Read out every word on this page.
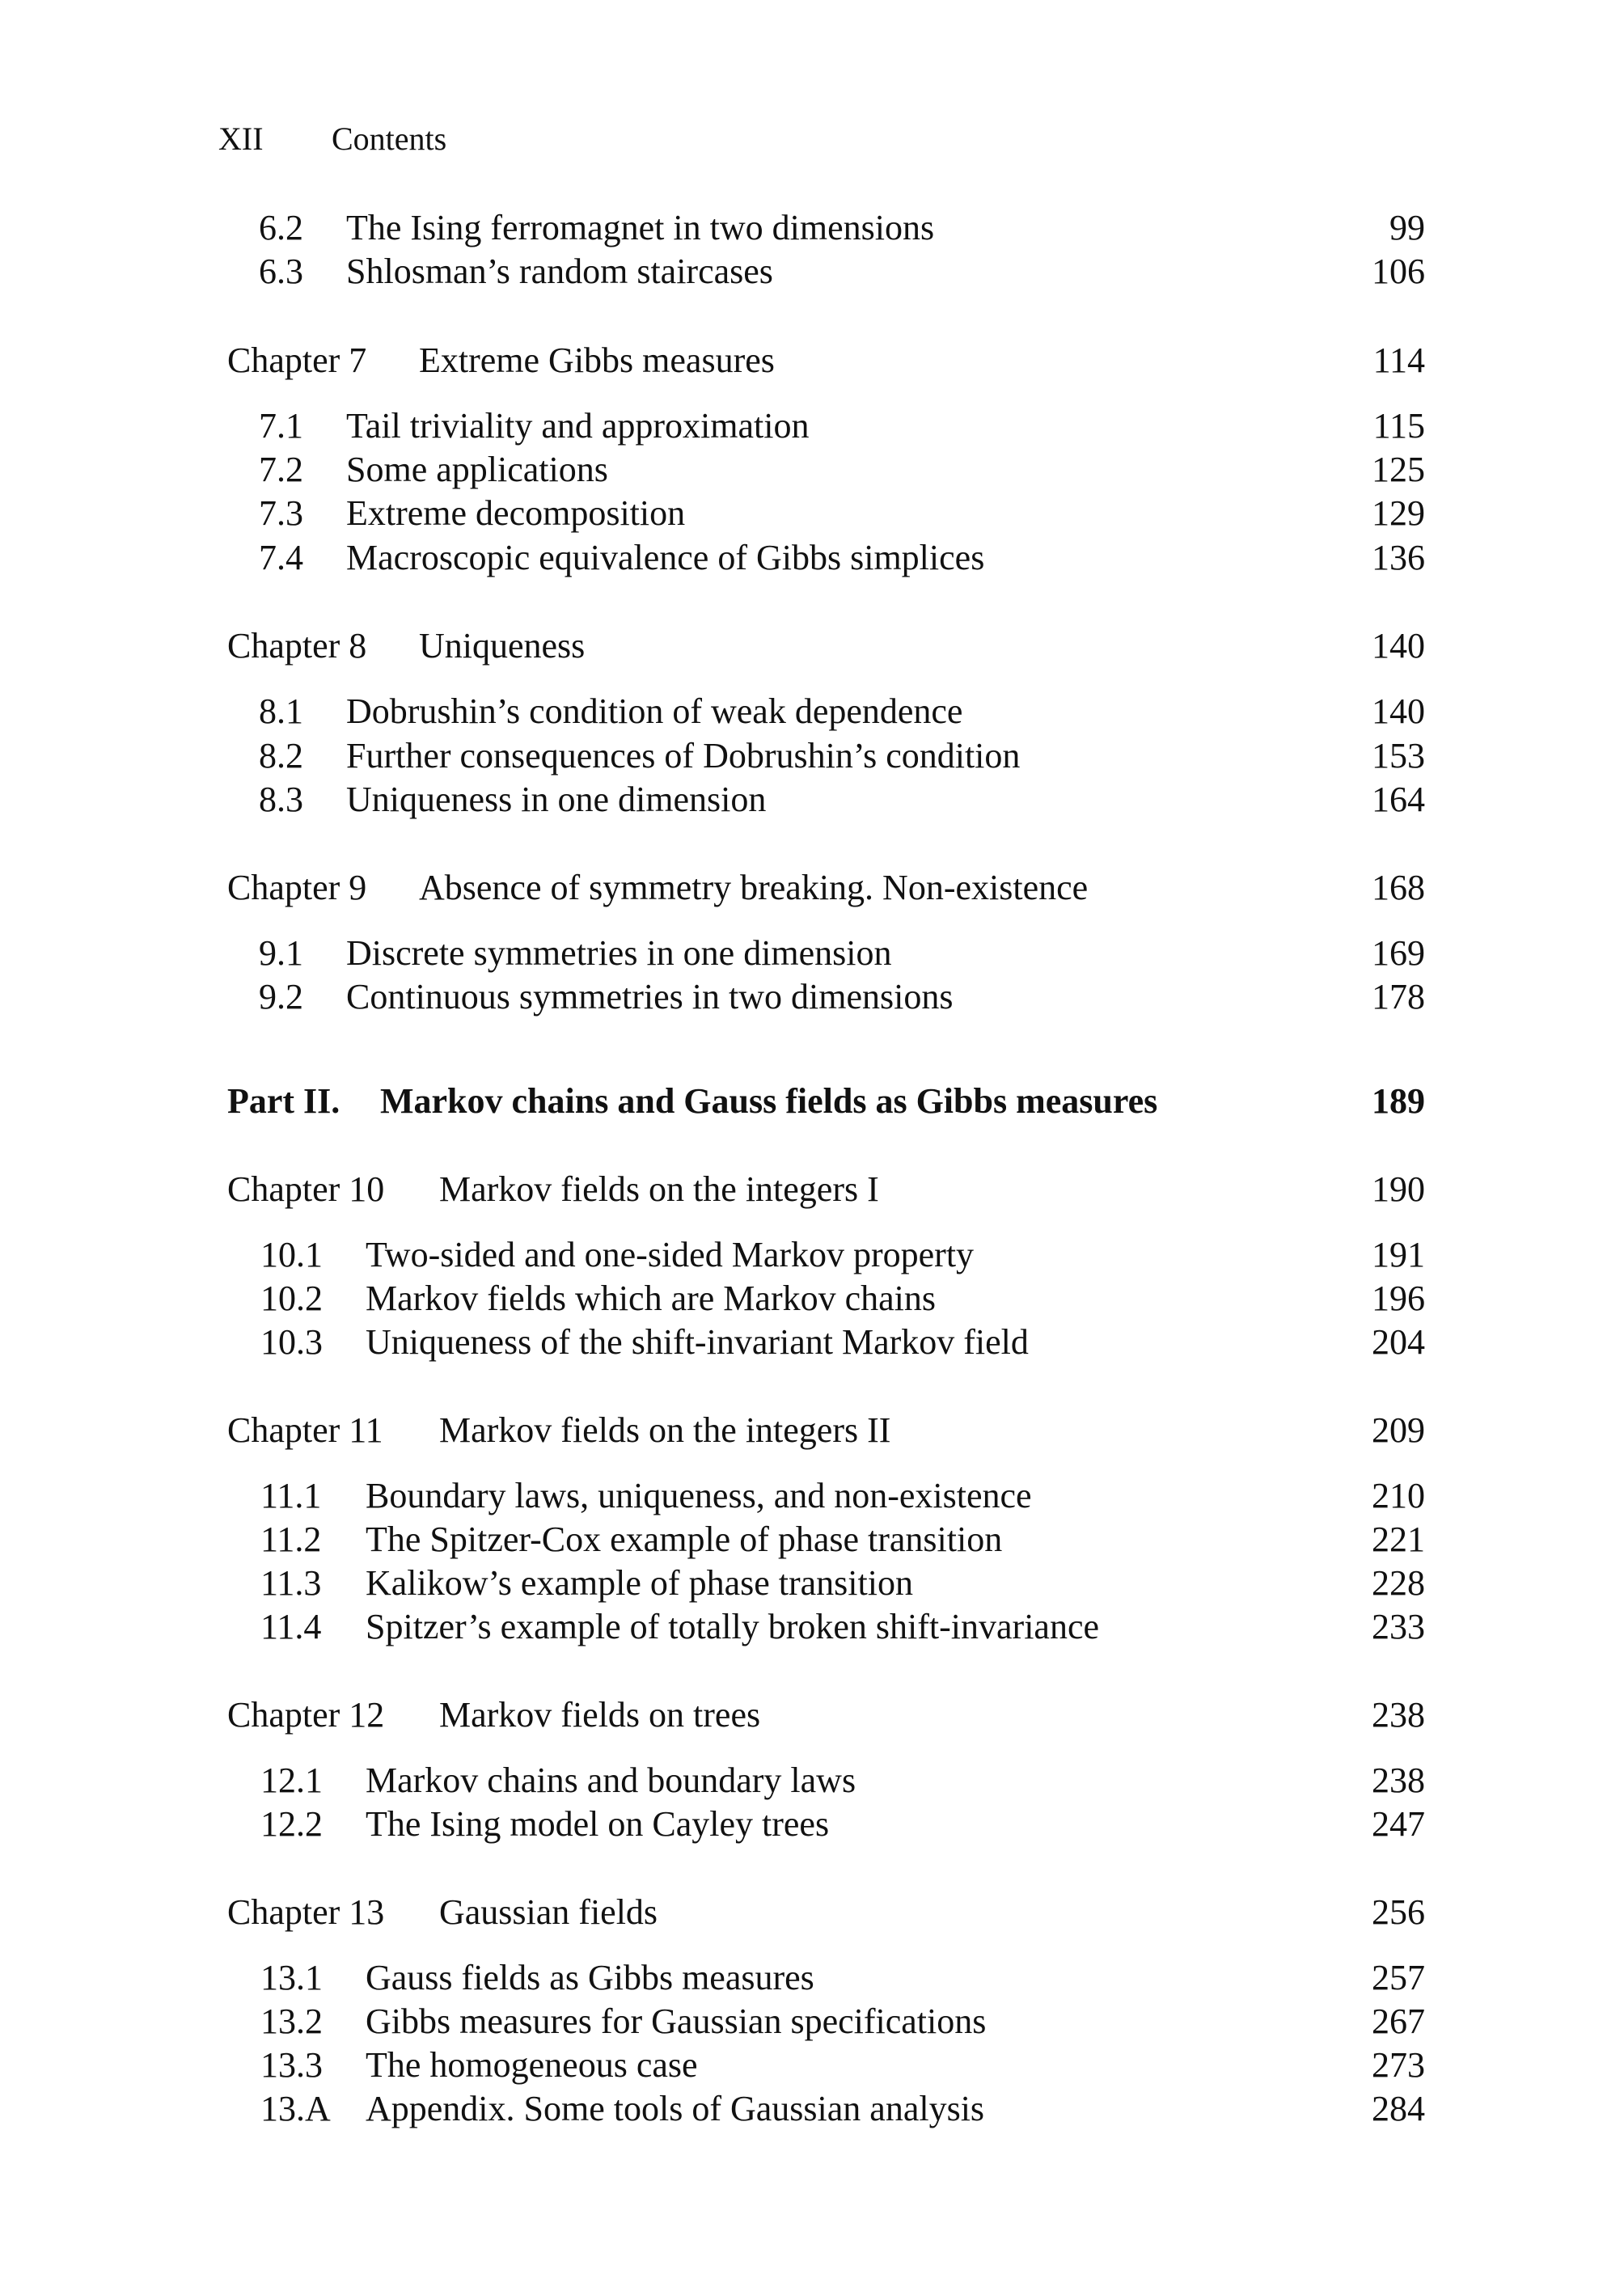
XII Contents
6.2 The Ising ferromagnet in two dimensions	99
6.3 Shlosman’s random staircases	106
Chapter 7 Extreme Gibbs measures	114
7.1 Tail triviality and approximation	115
7.2 Some applications	125
7.3 Extreme decomposition	129
7.4 Macroscopic equivalence of Gibbs simplices	136
Chapter 8 Uniqueness	140
8.1 Dobrushin’s condition of weak dependence	140
8.2 Further consequences of Dobrushin’s condition	153
8.3 Uniqueness in one dimension	164
Chapter 9 Absence of symmetry breaking. Non-existence	168
9.1 Discrete symmetries in one dimension	169
9.2 Continuous symmetries in two dimensions	178
Part II. Markov chains and Gauss fields as Gibbs measures	189
Chapter 10 Markov fields on the integers I	190
10.1 Two-sided and one-sided Markov property	191
10.2 Markov fields which are Markov chains	196
10.3 Uniqueness of the shift-invariant Markov field	204
Chapter 11 Markov fields on the integers II	209
11.1 Boundary laws, uniqueness, and non-existence	210
11.2 The Spitzer-Cox example of phase transition	221
11.3 Kalikow’s example of phase transition	228
11.4 Spitzer’s example of totally broken shift-invariance	233
Chapter 12 Markov fields on trees	238
12.1 Markov chains and boundary laws	238
12.2 The Ising model on Cayley trees	247
Chapter 13 Gaussian fields	256
13.1 Gauss fields as Gibbs measures	257
13.2 Gibbs measures for Gaussian specifications	267
13.3 The homogeneous case	273
13.A Appendix. Some tools of Gaussian analysis	284
